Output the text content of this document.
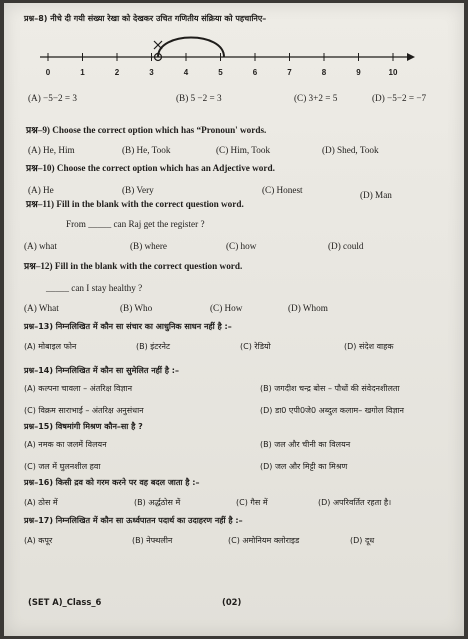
प्रश्न–8) नीचे दी गयी संख्या रेखा को देखकर उचित गणितीय संक्रिया को पहचानिए–
0	1	2	3	4	5	6	7	8	9	10
(A) −5−2 = 3	(B) 5 −2 = 3	(C) 3+2 = 5	(D) −5−2 = −7
प्रश्न–9) Choose the correct option which has “Pronoun' words.
(A) He, Him	(B) He, Took	(C) Him, Took	(D) Shed, Took
प्रश्न–10) Choose the correct option which has an Adjective word.
(A) He	(B) Very	(C) Honest	(D) Man
प्रश्न–11) Fill in the blank with the correct question word.
From _____ can Raj get the register ?
(A) what	(B) where	(C) how	(D) could
प्रश्न–12) Fill in the blank with the correct question word.
_____ can I stay healthy ?
(A) What	(B) Who	(C) How	(D) Whom
प्रश्न–13) निम्नलिखित में कौन सा संचार का आधुनिक साधन नहीं है :–
(A) मोबाइल फोन	(B) इंटरनेट	(C) रेडियो	(D) संदेश वाहक
प्रश्न–14) निम्नलिखित में कौन सा सुमेलित नहीं है :–
(A) कल्पना चावला – अंतरिक्ष विज्ञान	(B) जगदीश चन्द्र बोस – पौधों की संवेदनशीलता
(C) विक्रम साराभाई – अंतरिक्ष अनुसंधान	(D) डा0 एपी0जे0 अब्दुल कलाम– खगोल विज्ञान
प्रश्न–15) विषमांगी मिश्रण कौन–सा है ?
(A) नमक का जलमें विलयन	(B) जल और चीनी का विलयन
(C) जल में घुलनशील हवा	(D) जल और मिट्टी का मिश्रण
प्रश्न–16) किसी द्रव को गरम करने पर वह बदल जाता है :–
(A) ठोस में	(B) अर्द्धठोस में	(C) गैस में	(D) अपरिवर्तित रहता है।
प्रश्न–17) निम्नलिखित में कौन सा ऊर्ध्वपातन पदार्थ का उदाहरण नहीं है :–
(A) कपूर	(B) नेफ्थलीन	(C) अमोनियम क्लोराइड	(D) दूध
(SET A)_Class_6	(02)
